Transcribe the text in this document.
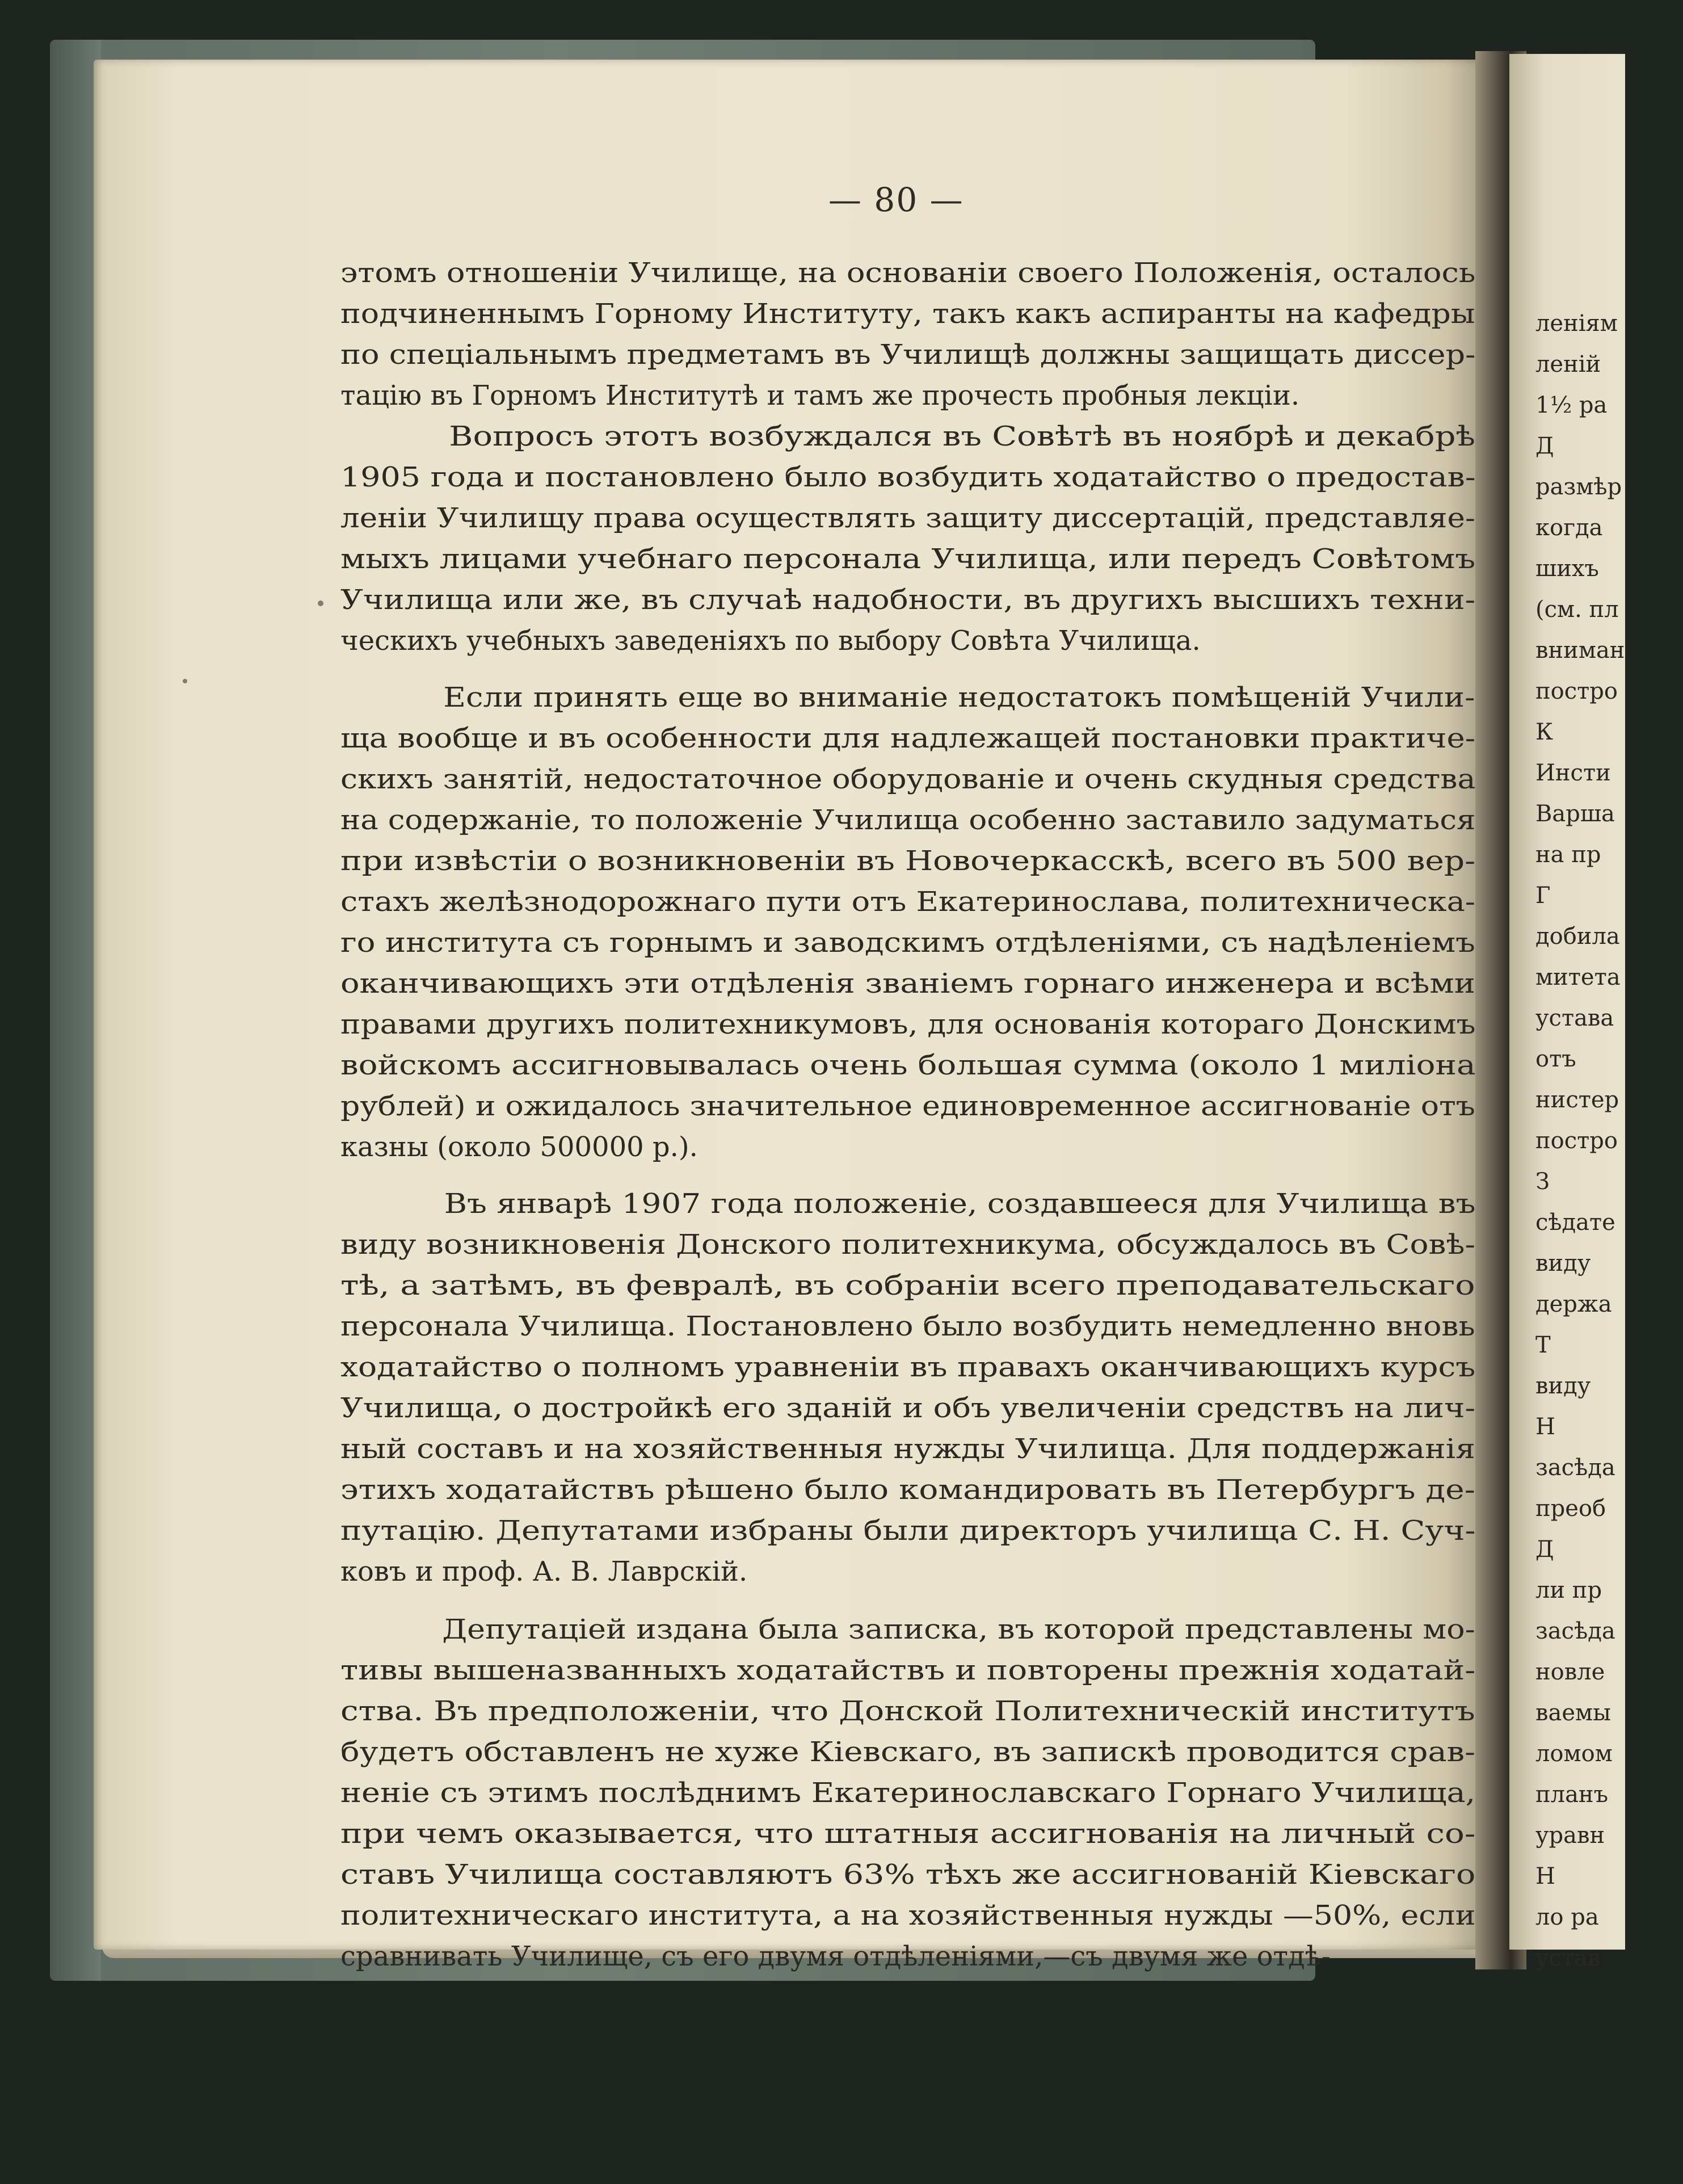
ленiям
ленiй
1½ ра
Д
размѣр
когда
шихъ
(см. пл
вниман
постро
К
Инсти
Варша
на пр
Г
добила
митета
устава
отъ
нистер
постро
З
сѣдате
виду
держа
Т
виду
Н
засѣда
преоб
Д
ли пр
засѣда
новле
ваемы
ломом
планъ
уравн
Н
ло ра
устав
— 80 —
этомъ отношенiи Училище, на основанiи своего Положенiя, осталось
подчиненнымъ Горному Институту, такъ какъ аспиранты на кафедры
по спецiальнымъ предметамъ въ Училищѣ должны защищать диссер-
тацiю въ Горномъ Институтѣ и тамъ же прочесть пробныя лекцiи.
Вопросъ этотъ возбуждался въ Совѣтѣ въ ноябрѣ и декабрѣ
1905 года и постановлено было возбудить ходатайство о предостав-
ленiи Училищу права осуществлять защиту диссертацiй, представляе-
мыхъ лицами учебнаго персонала Училища, или передъ Совѣтомъ
Училища или же, въ случаѣ надобности, въ другихъ высшихъ техни-
ческихъ учебныхъ заведенiяхъ по выбору Совѣта Училища.
Если принять еще во вниманiе недостатокъ помѣщенiй Учили-
ща вообще и въ особенности для надлежащей постановки практиче-
скихъ занятiй, недостаточное оборудованiе и очень скудныя средства
на содержанiе, то положенiе Училища особенно заставило задуматься
при извѣстiи о возникновенiи въ Новочеркасскѣ, всего въ 500 вер-
стахъ желѣзнодорожнаго пути отъ Екатеринослава, политехническа-
го института съ горнымъ и заводскимъ отдѣленiями, съ надѣленiемъ
оканчивающихъ эти отдѣленiя званiемъ горнаго инженера и всѣми
правами другихъ политехникумовъ, для основанiя котораго Донскимъ
войскомъ ассигновывалась очень большая сумма (около 1 милiона
рублей) и ожидалось значительное единовременное ассигнованiе отъ
казны (около 500000 р.).
Въ январѣ 1907 года положенiе, создавшееся для Училища въ
виду возникновенiя Донского политехникума, обсуждалось въ Совѣ-
тѣ, а затѣмъ, въ февралѣ, въ собранiи всего преподавательскаго
персонала Училища. Постановлено было возбудить немедленно вновь
ходатайство о полномъ уравненiи въ правахъ оканчивающихъ курсъ
Училища, о достройкѣ его зданiй и объ увеличенiи средствъ на лич-
ный составъ и на хозяйственныя нужды Училища. Для поддержанiя
этихъ ходатайствъ рѣшено было командировать въ Петербургъ де-
путацiю. Депутатами избраны были директоръ училища С. Н. Суч-
ковъ и проф. А. В. Лаврскiй.
Депутацiей издана была записка, въ которой представлены мо-
тивы вышеназванныхъ ходатайствъ и повторены прежнiя ходатай-
ства. Въ предположенiи, что Донской Политехническiй институтъ
будетъ обставленъ не хуже Кiевскаго, въ запискѣ проводится срав-
ненiе съ этимъ послѣднимъ Екатеринославскаго Горнаго Училища,
при чемъ оказывается, что штатныя ассигнованiя на личный со-
ставъ Училища составляютъ 63% тѣхъ же ассигнованiй Кiевскаго
политехническаго института, а на хозяйственныя нужды —50%, если
сравнивать Училище, съ его двумя отдѣленiями,—съ двумя же отдѣ-
